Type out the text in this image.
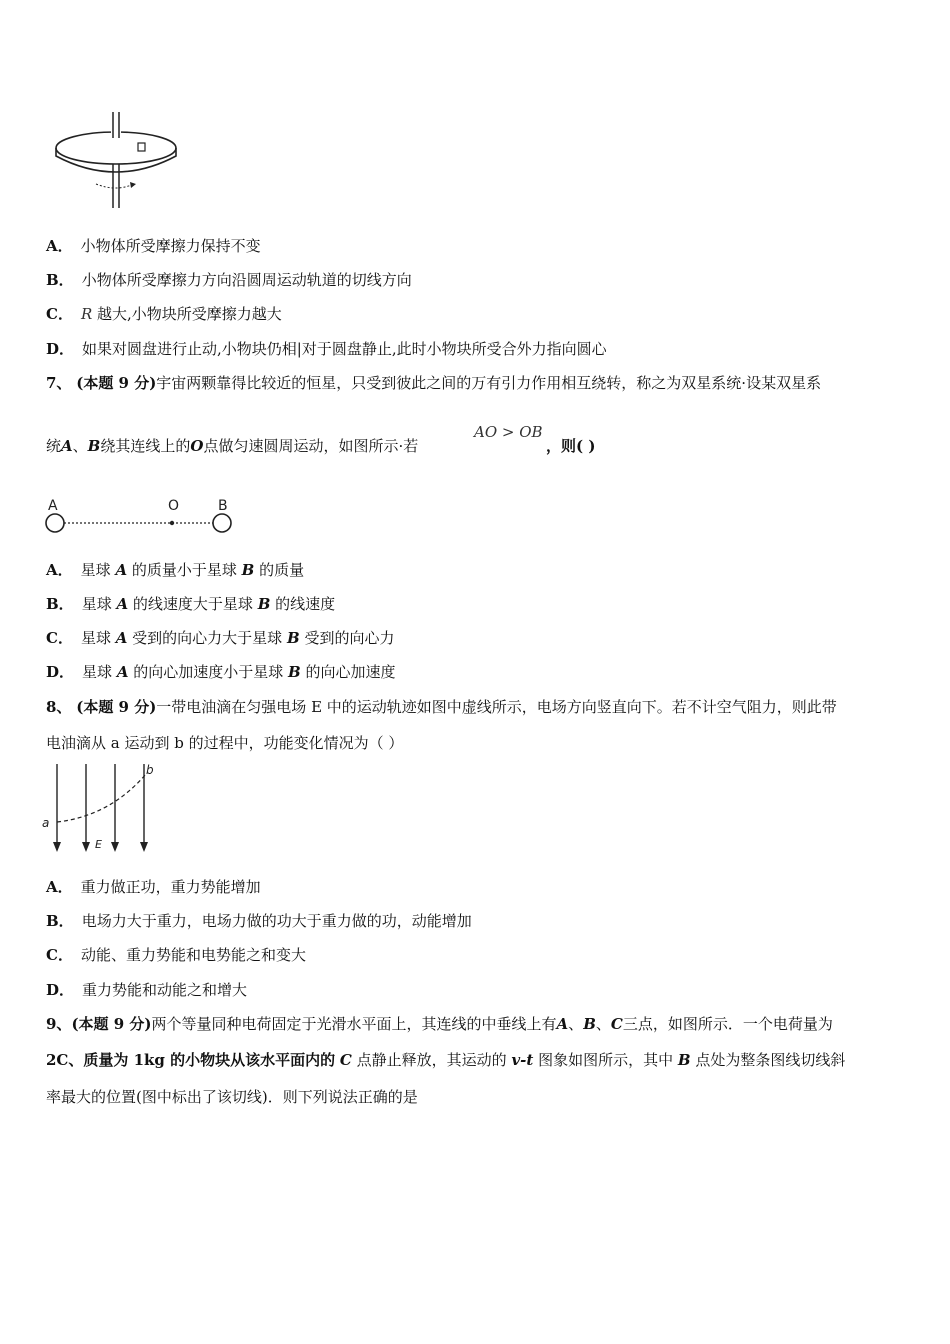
A． 小物体所受摩擦力保持不变
B． 小物体所受摩擦力方向沿圆周运动轨道的切线方向
C． R 越大,小物块所受摩擦力越大
D． 如果对圆盘进行止动,小物块仍相|对于圆盘静止,此时小物块所受合外力指向圆心
7、 (本题 9 分)宇宙两颗靠得比较近的恒星，只受到彼此之间的万有引力作用相互绕转，称之为双星系统·设某双星系
统A、B绕其连线上的O点做匀速圆周运动，如图所示·若
AO > OB
，则( )
A	O	B
A． 星球 A 的质量小于星球 B 的质量
B． 星球 A 的线速度大于星球 B 的线速度
C． 星球 A 受到的向心力大于星球 B 受到的向心力
D． 星球 A 的向心加速度小于星球 B 的向心加速度
8、 (本题 9 分)一带电油滴在匀强电场 E 中的运动轨迹如图中虚线所示，电场方向竖直向下。若不计空气阻力，则此带
电油滴从 a 运动到 b 的过程中，功能变化情况为（ ）
a
b
E
A． 重力做正功，重力势能增加
B． 电场力大于重力，电场力做的功大于重力做的功，动能增加
C． 动能、重力势能和电势能之和变大
D． 重力势能和动能之和增大
9、(本题 9 分)两个等量同种电荷固定于光滑水平面上，其连线的中垂线上有A、B、C三点，如图所示．一个电荷量为
2C、质量为 1kg 的小物块从该水平面内的 C 点静止释放，其运动的 v-t 图象如图所示，其中 B 点处为整条图线切线斜
率最大的位置(图中标出了该切线)．则下列说法正确的是
